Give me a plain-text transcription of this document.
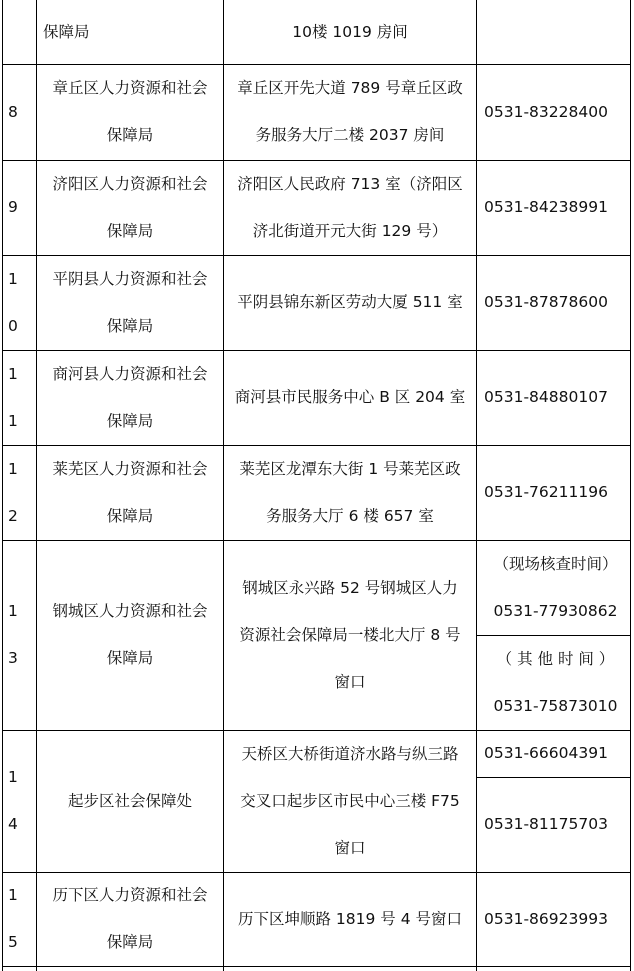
保障局	10楼 1019 房间
8
章丘区人力资源和社会
保障局
章丘区开先大道 789 号章丘区政
务服务大厅二楼 2037 房间
0531-83228400
9
济阳区人力资源和社会
保障局
济阳区人民政府 713 室（济阳区
济北街道开元大街 129 号）
0531-84238991
1
0
平阴县人力资源和社会
保障局
平阴县锦东新区劳动大厦 511 室 0531-87878600
1
1
商河县人力资源和社会
保障局
商河县市民服务中心 B 区 204 室 0531-84880107
1
2
莱芜区人力资源和社会
保障局
莱芜区龙潭东大街 1 号莱芜区政
务服务大厅 6 楼 657 室
0531-76211196
1
3
钢城区人力资源和社会
保障局
钢城区永兴路 52 号钢城区人力
资源社会保障局一楼北大厅 8 号
窗口
（现场核查时间）
0531-77930862
（ 其 他 时 间 ）
0531-75873010
1
4
起步区社会保障处
天桥区大桥街道济水路与纵三路
交叉口起步区市民中心三楼 F75
窗口
0531-66604391
0531-81175703
1
5
历下区人力资源和社会
保障局
历下区坤顺路 1819 号 4 号窗口 0531-86923993
